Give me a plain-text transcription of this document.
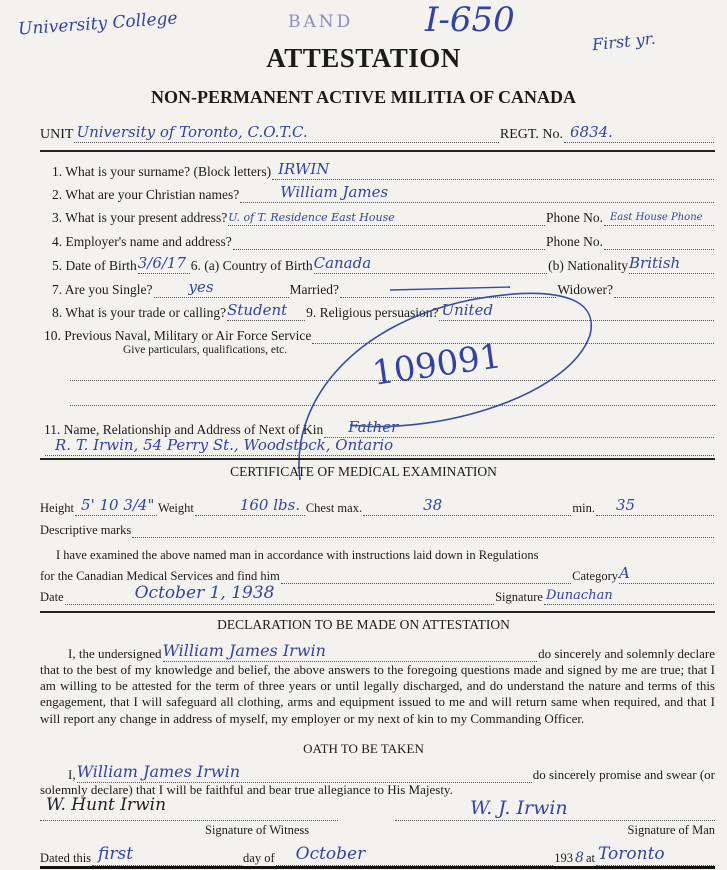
University College	BAND I-650
First yr.
ATTESTATION
NON-PERMANENT ACTIVE MILITIA OF CANADA
UNIT University of Toronto, C.O.T.C.	REGT. No. 6834.
1. What is your surname? (Block letters) IRWIN
2. What are your Christian names?	William James
3. What is your present address? U. of T. Residence East House	Phone No. East House Phone
4. Employer's name and address?	Phone No.
5. Date of Birth 3/6/17 6. (a) Country of Birth Canada	(b) Nationality British
7. Are you Single? yes	Married?	Widower?
8. What is your trade or calling? Student 9. Religious persuasion? United
10. Previous Naval, Military or Air Force Service
Give particulars, qualifications, etc.
11. Name, Relationship and Address of Next of Kin Father
R. T. Irwin, 54 Perry St., Woodstock, Ontario
109091
CERTIFICATE OF MEDICAL EXAMINATION
Height 5' 10 3/4" Weight	160 lbs. Chest max.	38	min. 35
Descriptive marks
I have examined the above named man in accordance with instructions laid down in Regulations
for the Canadian Medical Services and find him	Category A
Date	October 1, 1938	Signature Dunachan
DECLARATION TO BE MADE ON ATTESTATION
I, the undersigned William James Irwin	do sincerely and solemnly declare
that to the best of my knowledge and belief, the above answers to the foregoing questions made and signed by me are true; that I am willing to be attested for the term of three years or until legally discharged, and do understand the nature and terms of this engagement, that I will safeguard all clothing, arms and equipment issued to me and will return same when required, and that I will report any change in address of myself, my employer or my next of kin to my Commanding Officer.
OATH TO BE TAKEN
I, William James Irwin	do sincerely promise and swear (or
solemnly declare) that I will be faithful and bear true allegiance to His Majesty.
W. Hunt Irwin
Signature of Witness
W. J. Irwin
Signature of Man
Dated this first	day of October	193 8 at Toronto
